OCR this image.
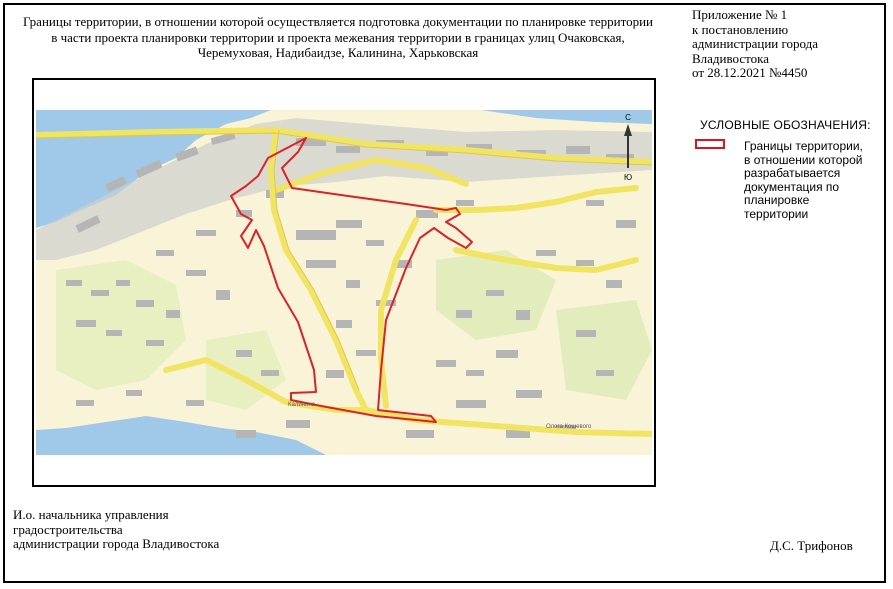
Границы территории, в отношении которой осуществляется подготовка документации по планировке территории
в части проекта планировки территории и проекта межевания территории в границах улиц Очаковская,
Черемуховая, Надибаидзе, Калинина, Харьковская
Приложение № 1
к постановлению
администрации города
Владивостока
от 28.12.2021 №4450
Калинина
Олега Кошевого
С
Ю
УСЛОВНЫЕ ОБОЗНАЧЕНИЯ:
Границы территории,
в отношении которой
разрабатывается
документация по
планировке
территории
И.о. начальника управления
градостроительства
администрации города Владивостока	Д.С. Трифонов
